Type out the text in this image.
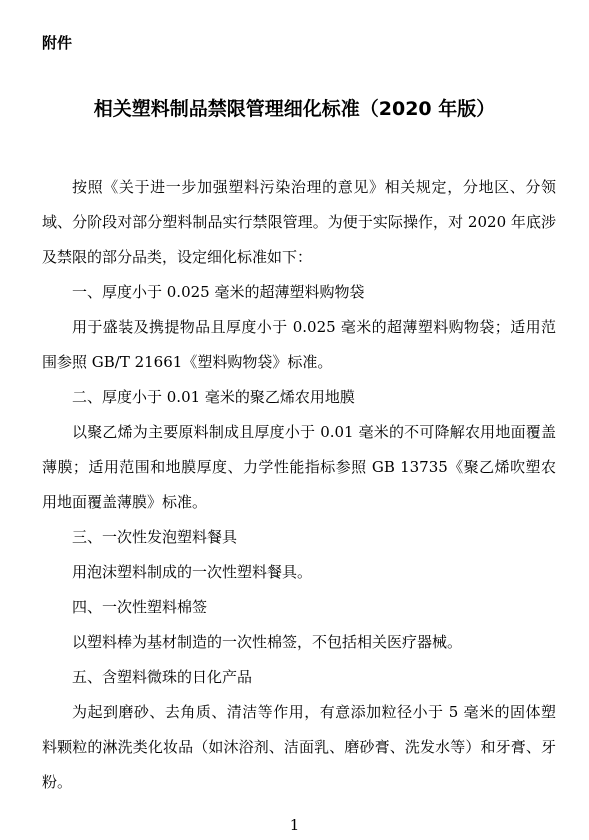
附件
相关塑料制品禁限管理细化标准（2020 年版）

按照《关于进一步加强塑料污染治理的意见》相关规定，分地区、分领域、分阶段对部分塑料制品实行禁限管理。为便于实际操作，对 2020 年底涉及禁限的部分品类，设定细化标准如下：

一、厚度小于 0.025 毫米的超薄塑料购物袋

用于盛装及携提物品且厚度小于 0.025 毫米的超薄塑料购物袋；适用范围参照 GB/T 21661《塑料购物袋》标准。

二、厚度小于 0.01 毫米的聚乙烯农用地膜

以聚乙烯为主要原料制成且厚度小于 0.01 毫米的不可降解农用地面覆盖薄膜；适用范围和地膜厚度、力学性能指标参照 GB 13735《聚乙烯吹塑农用地面覆盖薄膜》标准。

三、一次性发泡塑料餐具

用泡沫塑料制成的一次性塑料餐具。

四、一次性塑料棉签

以塑料棒为基材制造的一次性棉签，不包括相关医疗器械。

五、含塑料微珠的日化产品

为起到磨砂、去角质、清洁等作用，有意添加粒径小于 5 毫米的固体塑料颗粒的淋洗类化妆品（如沐浴剂、洁面乳、磨砂膏、洗发水等）和牙膏、牙粉。

1
